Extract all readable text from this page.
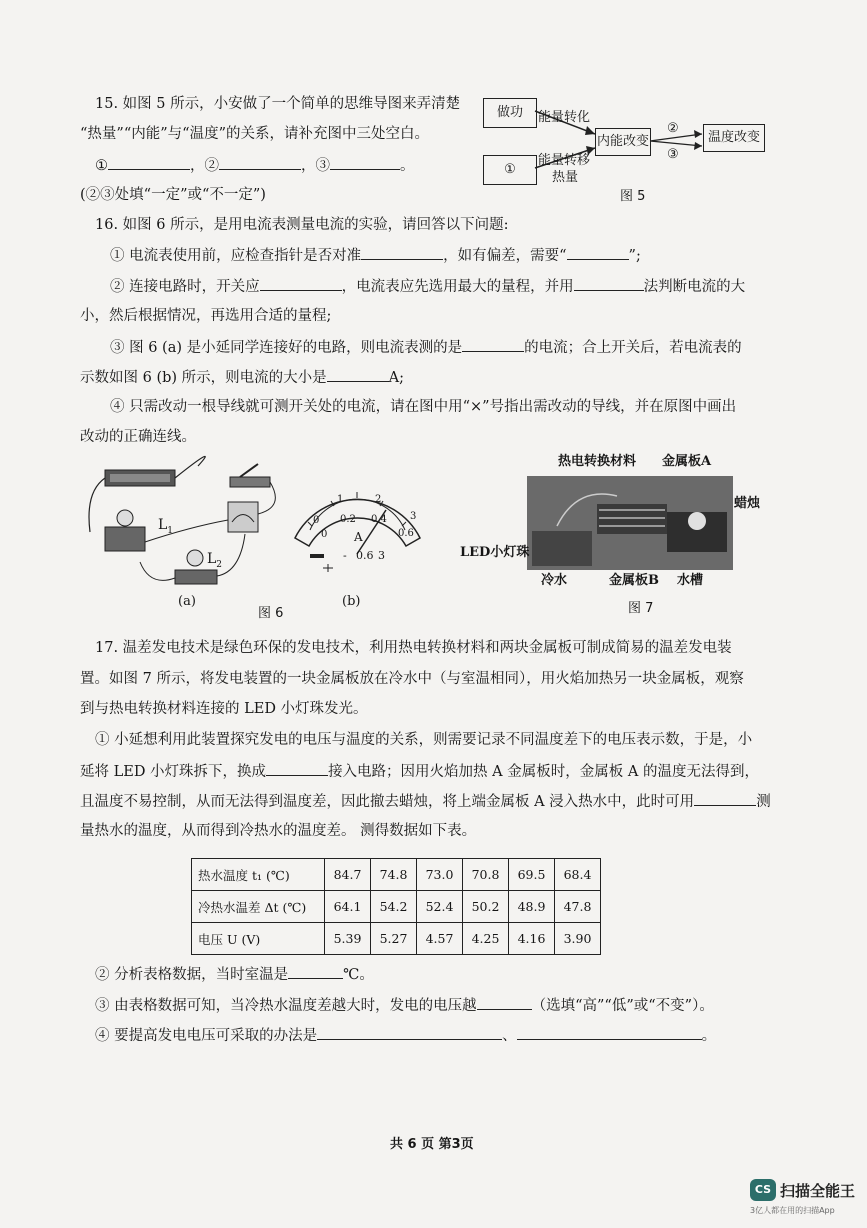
15. 如图 5 所示，小安做了一个简单的思维导图来弄清楚
“热量”“内能”与“温度”的关系，请补充图中三处空白。
①	，②	，③	。
(②③处填“一定”或“不一定”)
做功
①
内能改变	温度改变
能量转化
能量转移
热量
②
③
图 5
16. 如图 6 所示，是用电流表测量电流的实验，请回答以下问题:
① 电流表使用前，应检查指针是否对准	，如有偏差，需要“	”;
② 连接电路时，开关应	，电流表应先选用最大的量程，并用	法判断电流的大
小，然后根据情况，再选用合适的量程;
③ 图 6 (a) 是小延同学连接好的电路，则电流表测的是	的电流；合上开关后，若电流表的
示数如图 6 (b) 所示，则电流的大小是	A;
④ 只需改动一根导线就可测开关处的电流，请在图中用“×”号指出需改动的导线，并在原图中画出
改动的正确连线。
$L_1$
$L_2$
(a)
0
1	2
3
0
0.2 0.4
0.6
A
- 0.6 3
(b)
图 6
热电转换材料 金属板A
蜡烛
LED小灯珠
冷水	金属板B 水槽
图 7
17. 温差发电技术是绿色环保的发电技术，利用热电转换材料和两块金属板可制成简易的温差发电装
置。如图 7 所示，将发电装置的一块金属板放在冷水中（与室温相同），用火焰加热另一块金属板，观察
到与热电转换材料连接的 LED 小灯珠发光。
① 小延想利用此装置探究发电的电压与温度的关系，则需要记录不同温度差下的电压表示数，于是，小
延将 LED 小灯珠拆下，换成	接入电路；因用火焰加热 A 金属板时，金属板 A 的温度无法得到，
且温度不易控制，从而无法得到温度差，因此撤去蜡烛，将上端金属板 A 浸入热水中，此时可用	测
量热水的温度，从而得到冷热水的温度差。 测得数据如下表。
热水温度 t₁ (℃)	84.7	74.8	73.0	70.8	69.5	68.4
冷热水温差 Δt (℃)	64.1	54.2	52.4	50.2	48.9	47.8
电压 U (V)	5.39	5.27	4.57	4.25	4.16	3.90
② 分析表格数据，当时室温是	℃。
③ 由表格数据可知，当冷热水温度差越大时，发电的电压越	（选填“高”“低”或“不变”）。
④ 要提高发电电压可采取的办法是	、	。
共 6 页 第3页
CS 扫描全能王
3亿人都在用的扫描App
